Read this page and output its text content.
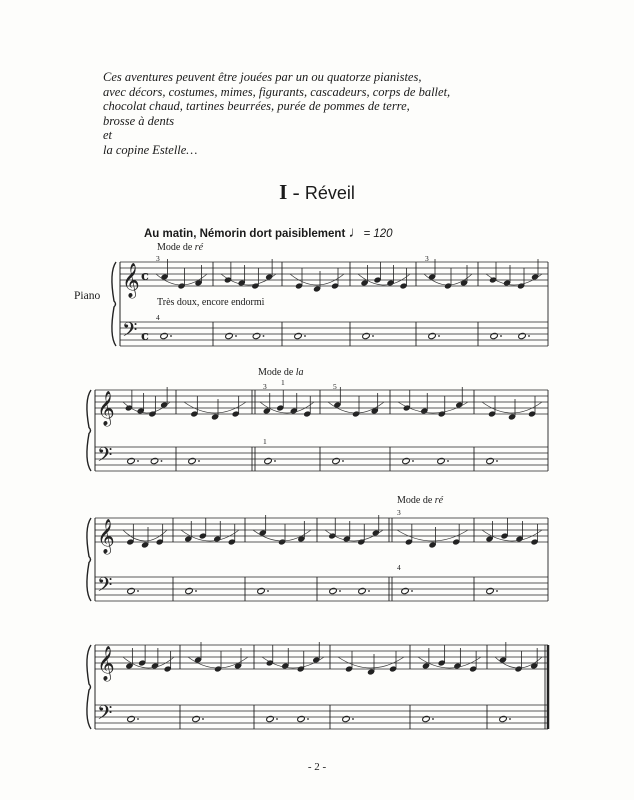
Ces aventures peuvent être jouées par un ou quatorze pianistes,
avec décors, costumes, mimes, figurants, cascadeurs, corps de ballet,
chocolat chaud, tartines beurrées, purée de pommes de terre,
brosse à dents
et
la copine Estelle…
I - Réveil
Au matin, Némorin dort paisiblement ♩= 120
Mode de ré
Mode de la
Mode de ré
Très doux, encore endormi
Piano
3	3
4
3 1	5
1
3
4
𝄞
𝄢
c
c
𝄞
𝄢
𝄞
𝄢
𝄞
𝄢
- 2 -
